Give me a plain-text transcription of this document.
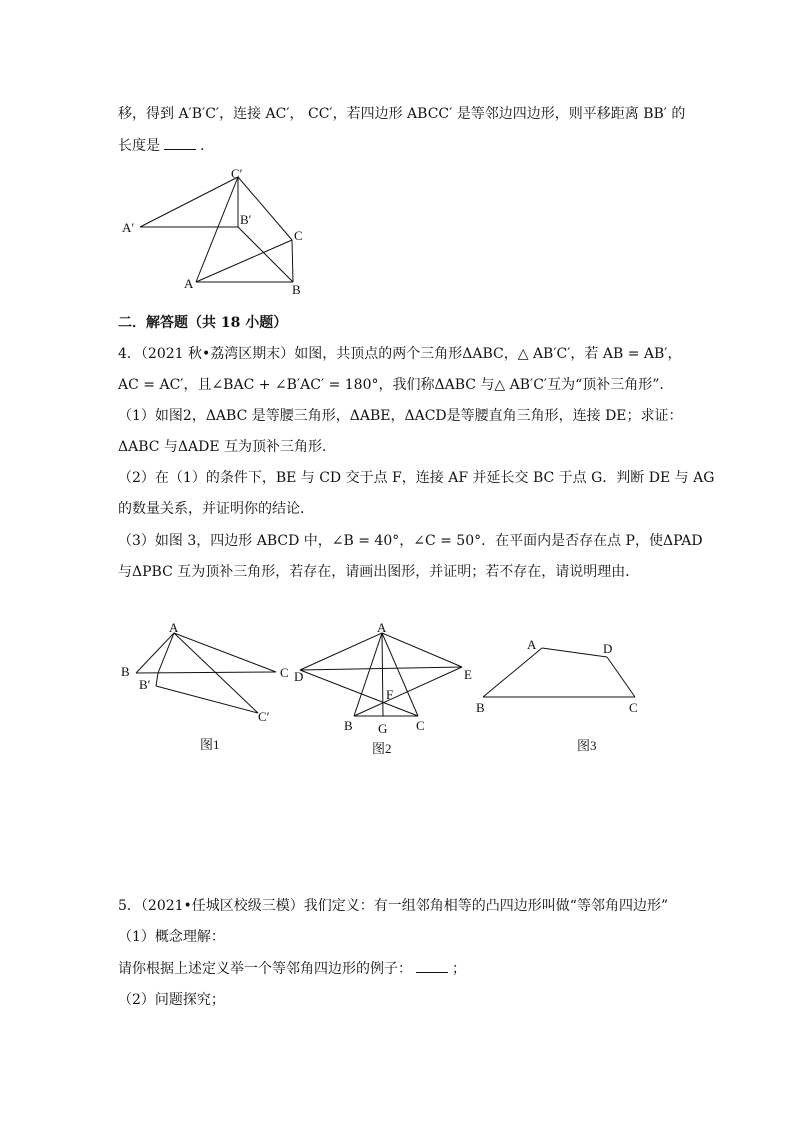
移，得到 A′B′C′，连接 AC′， CC′，若四边形 ABCC′ 是等邻边四边形，则平移距离 BB′ 的
长度是	.
C′
B′
A′
C
A	B
二．解答题（共 18 小题）
4．（2021 秋•荔湾区期末）如图，共顶点的两个三角形ΔABC，△ AB′C′，若 AB = AB′，
AC = AC′，且∠BAC + ∠B′AC′ = 180°，我们称ΔABC 与△ AB′C′互为“顶补三角形”.
（1）如图2，ΔABC 是等腰三角形，ΔABE，ΔACD是等腰直角三角形，连接 DE；求证：
ΔABC 与ΔADE 互为顶补三角形.
（2）在（1）的条件下，BE 与 CD 交于点 F，连接 AF 并延长交 BC 于点 G．判断 DE 与 AG
的数量关系，并证明你的结论．
（3）如图 3，四边形 ABCD 中，∠B = 40°，∠C = 50°．在平面内是否存在点 P，使ΔPAD
与ΔPBC 互为顶补三角形，若存在，请画出图形，并证明；若不存在，请说明理由．
A
B
B′
C
C′
图1
A
D	E
F
B G C
图2
A	D
B	C
图3
5．（2021•任城区校级三模）我们定义：有一组邻角相等的凸四边形叫做“等邻角四边形”
（1）概念理解：
请你根据上述定义举一个等邻角四边形的例子：	；
（2）问题探究；
